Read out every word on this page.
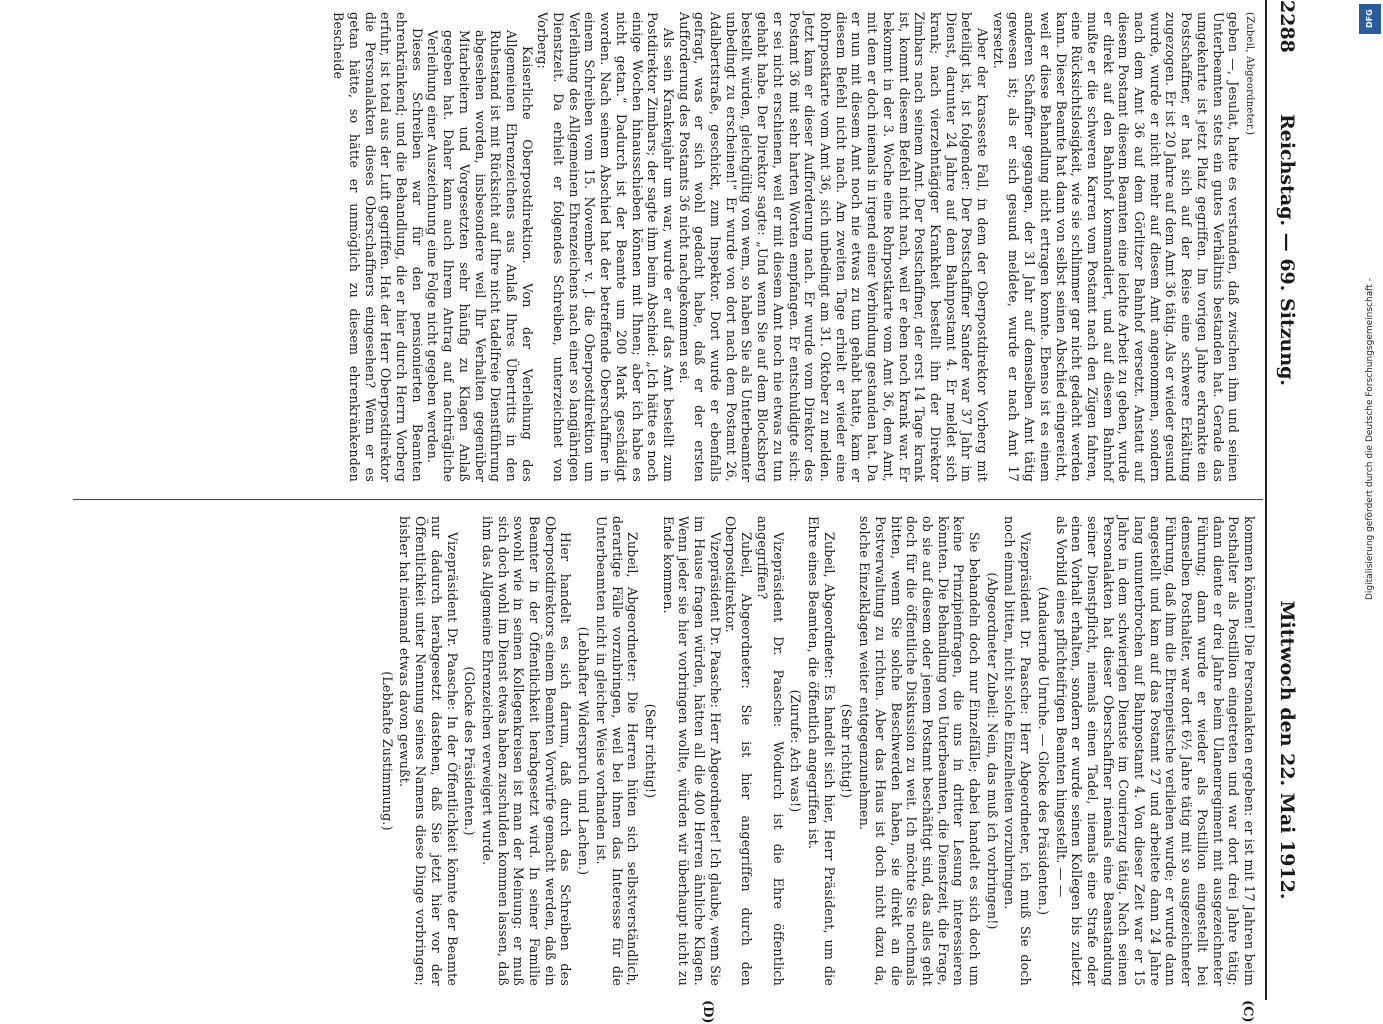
2288
Reichstag. — 69. Sitzung.
Mittwoch den 22. Mai 1912.
(C)
(D)

(Zubeil, Abgeordneter.)

geben —, Jesulat, hatte es verstanden, daß zwischen ihm und seinen Unterbeamten stets ein gutes Verhältnis bestanden hat. Gerade das umgekehrte ist jetzt Platz gegriffen. Im vorigen Jahre erkrankte ein Postschaffner, er hat sich auf der Reise eine schwere Erkältung zugezogen. Er ist 20 Jahre auf dem Amt 36 tätig. Als er wieder gesund wurde, wurde er nicht mehr auf diesem Amt angenommen, sondern nach dem Amt 36 auf dem Görlitzer Bahnhof versetzt. Anstatt auf diesem Postamt diesem Beamten eine leichte Arbeit zu geben, wurde er direkt auf den Bahnhof kommandiert, und auf diesem Bahnhof mußte er die schweren Karren vom Postamt nach den Zügen fahren, eine Rücksichtslosigkeit, wie sie schlimmer gar nicht gedacht werden kann. Dieser Beamte hat dann von selbst seinen Abschied eingereicht, weil er diese Behandlung nicht ertragen konnte. Ebenso ist es einem anderen Schaffner gegangen, der 31 Jahr auf demselben Amt tätig gewesen ist; als er sich gesund meldete, wurde er nach Amt 17 versetzt.

Aber der krasseste Fall, in dem der Oberpostdirektor Vorberg mit beteiligt ist, ist folgender: Der Postschaffner Sander war 37 Jahr im Dienst, darunter 24 Jahre auf dem Bahnpostamt 4. Er meldet sich krank; nach vierzehntägiger Krankheit bestellt ihn der Direktor Zimbars nach seinem Amt. Der Postschaffner, der erst 14 Tage krank ist, kommt diesem Befehl nicht nach, weil er eben noch krank war. Er bekommt in der 3. Woche eine Rohrpostkarte vom Amt 36, dem Amt, mit dem er doch niemals in irgend einer Verbindung gestanden hat. Da er nun mit diesem Amt noch nie etwas zu tun gehabt hatte, kam er diesem Befehl nicht nach. Am zweiten Tage erhielt er wieder eine Rohrpostkarte vom Amt 36, sich unbedingt am 31. Oktober zu melden. Jetzt kam er dieser Aufforderung nach. Er wurde vom Direktor des Postamt 36 mit sehr harten Worten empfangen. Er entschuldigte sich: er sei nicht erschienen, weil er mit diesem Amt noch nie etwas zu tun gehabt habe. Der Direktor sagte: „Und wenn Sie auf dem Blocksberg bestellt würden, gleichgültig von wem, so haben Sie als Unterbeamter unbedingt zu erscheinen!“ Er wurde von dort nach dem Postamt 26, Adalbertstraße, geschickt, zum Inspektor. Dort wurde er ebenfalls gefragt, was er sich wohl gedacht habe, daß er der ersten Aufforderung des Postamts 36 nicht nachgekommen sei.

Als sein Krankenjahr um war, wurde er auf das Amt bestellt zum Postdirektor Zimbars; der sagte ihm beim Abschied: „Ich hätte es noch einige Wochen hinausschieben können mit Ihnen; aber ich habe es nicht getan.“ Dadurch ist der Beamte um 200 Mark geschädigt worden. Nach seinem Abschied hat der betreffende Oberschaffner in einem Schreiben vom 15. November v. J. die Oberpostdirektion um Verleihung des Allgemeinen Ehrenzeichens nach einer so langjährigen Dienstzeit. Da erhielt er folgendes Schreiben, unterzeichnet von Vorberg:

Kaiserliche Oberpostdirektion. Von der Verleihung des Allgemeinen Ehrenzeichens aus Anlaß Ihres Übertritts in den Ruhestand ist mit Rücksicht auf Ihre nicht tadelfreie Dienstführung abgesehen worden, insbesondere weil Ihr Verhalten gegenüber Mitarbeitern und Vorgesetzten sehr häufig zu Klagen Anlaß gegeben hat. Daher kann auch Ihrem Antrag auf nachträgliche Verleihung einer Auszeichnung eine Folge nicht gegeben werden.

Dieses Schreiben war für den pensionierten Beamten ehrenkränkend; und die Behandlung, die er hier durch Herrn Vorberg erfuhr, ist total aus der Luft gegriffen. Hat der Herr Oberpostdirektor die Personalakten dieses Oberschaffners eingesehen? Wenn er es getan hätte, so hätte er unmöglich zu diesem ehrenkränkenden Bescheide

kommen können! Die Personalakten ergeben: er ist mit 17 Jahren beim Posthalter als Postillion eingetreten und war dort drei Jahre tätig; dann diente er drei Jahre beim Ulanenregiment mit ausgezeichneter Führung; dann wurde er wieder als Postillion eingestellt bei demselben Posthalter, war dort 6½ Jahre tätig mit so ausgezeichneter Führung, daß ihm die Ehrenpeitsche verliehen wurde; er wurde dann angestellt und kam auf das Postamt 27 und arbeitete dann 24 Jahre lang ununterbrochen auf Bahnpostamt 4. Von dieser Zeit war er 15 Jahre in dem schwierigen Dienste im Courierzug tätig. Nach seinen Personalakten hat dieser Oberschaffner niemals eine Beanstandung seiner Dienstpflicht, niemals einen Tadel, niemals eine Strafe oder einen Vorhalt erhalten, sondern er wurde seinen Kollegen bis zuletzt als Vorbild eines pflichteifrigen Beamten hingestellt. — —

(Andauernde Unruhe. — Glocke des Präsidenten.)

Vizepräsident Dr. Paasche: Herr Abgeordneter, ich muß Sie doch noch einmal bitten, nicht solche Einzelheiten vorzubringen.

(Abgeordneter Zubeil: Nein, das muß ich vorbringen!)

Sie behandeln doch nur Einzelfälle; dabei handelt es sich doch um keine Prinzipienfragen, die uns in dritter Lesung interessieren könnten. Die Behandlung von Unterbeamten, die Dienstzeit, die Frage, ob sie auf diesem oder jenem Postamt beschäftigt sind, das alles geht doch für die öffentliche Diskussion zu weit. Ich möchte Sie nochmals bitten, wenn Sie solche Beschwerden haben, sie direkt an die Postverwaltung zu richten. Aber das Haus ist doch nicht dazu da, solche Einzelklagen weiter entgegenzunehmen.

(Sehr richtig!)

Zubeil, Abgeordneter: Es handelt sich hier, Herr Präsident, um die Ehre eines Beamten, die öffentlich angegriffen ist.

(Zurufe: Ach was!)

Vizepräsident Dr. Paasche: Wodurch ist die Ehre öffentlich angegriffen?

Zubeil, Abgeordneter: Sie ist hier angegriffen durch den Oberpostdirektor.

Vizepräsident Dr. Paasche: Herr Abgeordneter! Ich glaube, wenn Sie im Hause fragen würden, hätten all die 400 Herren ähnliche Klagen. Wenn jeder sie hier vorbringen wollte, würden wir überhaupt nicht zu Ende kommen.

(Sehr richtig!)

Zubeil, Abgeordneter: Die Herren hüten sich selbstverständlich, derartige Fälle vorzubringen, weil bei ihnen das Interesse für die Unterbeamten nicht in gleicher Weise vorhanden ist.

(Lebhafter Widerspruch und Lachen.)

Hier handelt es sich darum, daß durch das Schreiben des Oberpostdirektors einem Beamten Vorwürfe gemacht werden, daß ein Beamter in der Öffentlichkeit herabgesetzt wird. In seiner Familie sowohl wie in seinen Kollegenkreisen ist man der Meinung: er muß sich doch wohl im Dienst etwas haben zuschulden kommen lassen, daß ihm das Allgemeine Ehrenzeichen verweigert wurde.

(Glocke des Präsidenten.)

Vizepräsident Dr. Paasche: In der Öffentlichkeit könnte der Beamte nur dadurch herabgesetzt dastehen, daß Sie jetzt hier vor der Öffentlichkeit unter Nennung seines Namens diese Dinge vorbringen; bisher hat niemand etwas davon gewußt.

(Lebhafte Zustimmung.)

DFG
Digitalisierung gefördert durch die Deutsche Forschungsgemeinschaft -
